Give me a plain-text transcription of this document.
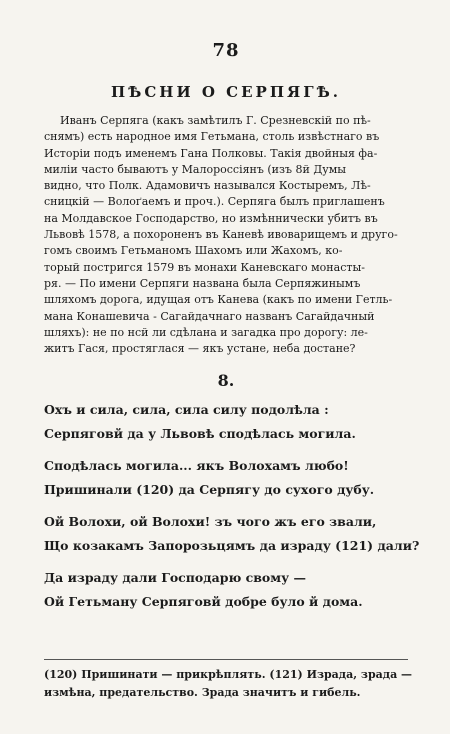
78
ПѢСНИ О СЕРПЯГѢ.
Иванъ Серпяга (какъ замѣтилъ Г. Срезневскій по пѣ-
снямъ) есть народное имя Гетьмана, столь извѣстнаго въ
Исторіи подъ именемъ Гана Полковы. Такія двойныя фа-
миліи часто бываютъ у Малороссіянъ (изъ 8й Думы
видно, что Полк. Адамовичъ назывался Костыремъ, Лѣ-
сницкій — Волоґаемъ и проч.). Серпяга былъ приглашенъ
на Молдавское Господарство, но измѣннически убитъ въ
Львовѣ 1578, а похороненъ въ Каневѣ ивоварищемъ и друго-
гомъ своимъ Гетьманомъ Шахомъ или Жахомъ, ко-
торый постригся 1579 въ монахи Каневскаго монасты-
ря. — По имени Серпяги названа была Серпяжинымъ
шляхомъ дорога, идущая отъ Канева (какъ по имени Гетль-
мана Конашевича - Сагайдачнаго названъ Сагайдачный
шляхъ): не по нсй ли сдѣлана и загадка про дорогу: ле-
житъ Гася, простяглася — якъ устане, неба достане?
8.
Охъ и сила, сила, сила силу подолѣла :
Серпяговй да у Львовѣ сподѣлась могила.
Сподѣлась могила... якъ Волохамъ любо!
Пришинали (120) да Серпягу до сухого дубу.
Ой Волохи, ой Волохи! зъ чого жъ его звали,
Що козакамъ Запорозьцямъ да израду (121) дали?
Да израду дали Господарю свому —
Ой Гетьману Серпяговй добре було й дома.
(120) Пришинати — прикрѣплять. (121) Израда, зрада —
измѣна, предательство. Зрада значитъ и гибель.
